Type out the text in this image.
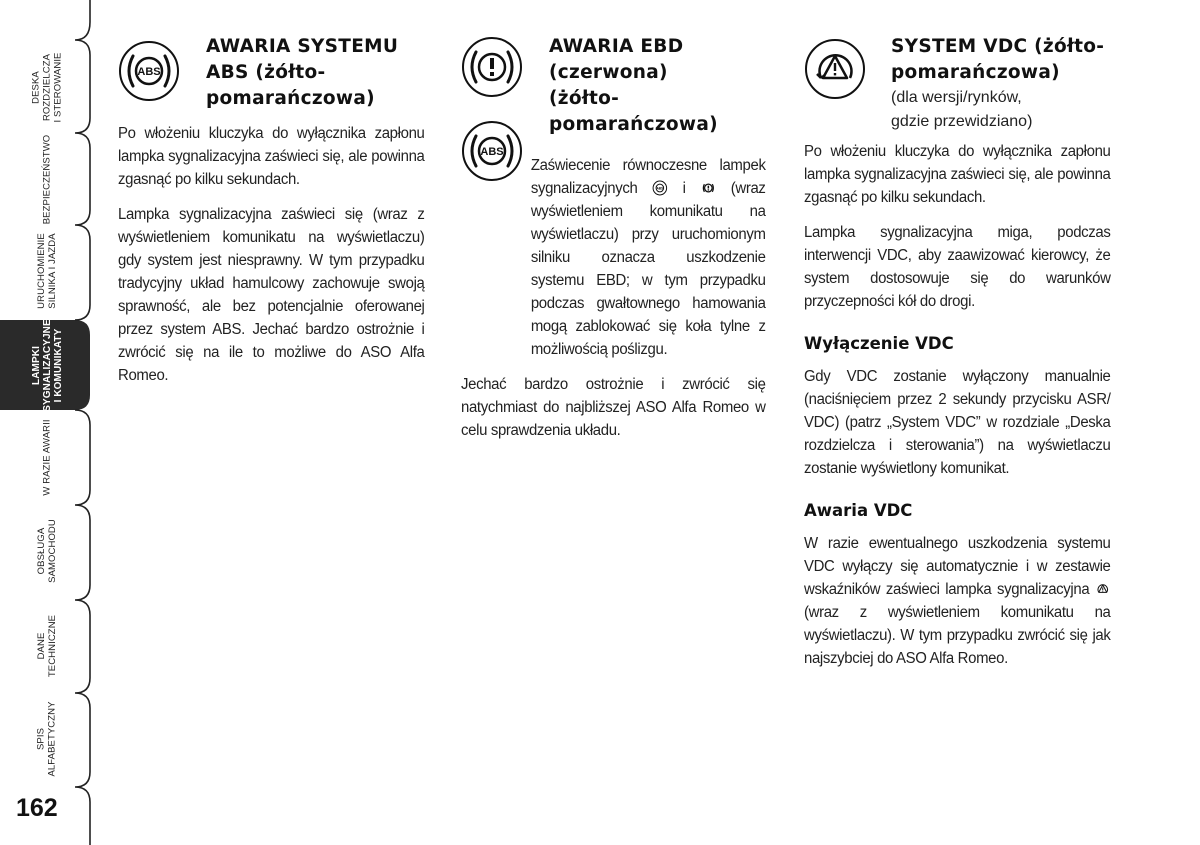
DESKA
ROZDZIELCZA
I STEROWANIE
BEZPIECZEŃSTWO
URUCHOMIENIE
SILNIKA I JAZDA
LAMPKI
SYGNALIZACYJNE
I KOMUNIKATY
W RAZIE AWARII
OBSŁUGA
SAMOCHODU
DANE
TECHNICZNE
SPIS
ALFABETYCZNY
162
ABS
AWARIA SYSTEMU
ABS (żółto-
pomarańczowa)

Po włożeniu kluczyka do wyłącznika zapłonu lampka sygnalizacyjna zaświeci się, ale powinna zgasnąć po kilku sekundach.

Lampka sygnalizacyjna zaświeci się (wraz z wyświetleniem komunikatu na wyświetlaczu) gdy system jest niesprawny. W tym przypadku tradycyjny układ hamulcowy zachowuje swoją sprawność, ale bez potencjalnie oferowanej przez system ABS. Jechać bardzo ostrożnie i zwrócić się na ile to możliwe do ASO Alfa Romeo.

ABS
AWARIA EBD
(czerwona)
(żółto-
pomarańczowa)

Zaświecenie równoczesne lampek sygnalizacyjnych ABS i	(wraz wyświetleniem komunikatu na wyświetlaczu) przy uruchomionym silniku oznacza uszkodzenie systemu EBD; w tym przypadku podczas gwałtownego hamowania mogą zablokować się koła tylne z możliwością poślizgu.

Jechać bardzo ostrożnie i zwrócić się natychmiast do najbliższej ASO Alfa Romeo w celu sprawdzenia układu.

SYSTEM VDC (żółto-
pomarańczowa)
(dla wersji/rynków,
gdzie przewidziano)

Po włożeniu kluczyka do wyłącznika zapłonu lampka sygnalizacyjna zaświeci się, ale powinna zgasnąć po kilku sekundach.

Lampka sygnalizacyjna miga, podczas interwencji VDC, aby zaawizować kierowcy, że system dostosowuje się do warunków przyczepności kół do drogi.

Wyłączenie VDC

Gdy VDC zostanie wyłączony manualnie (naciśnięciem przez 2 sekundy przycisku ASR/ VDC) (patrz „System VDC” w rozdziale „Deska rozdzielcza i sterowania”) na wyświetlaczu zostanie wyświetlony komunikat.

Awaria VDC

W razie ewentualnego uszkodzenia systemu VDC wyłączy się automatycznie i w zestawie wskaźników zaświeci lampka sygnalizacyjna  (wraz z wyświetleniem komunikatu na wyświetlaczu). W tym przypadku zwrócić się jak najszybciej do ASO Alfa Romeo.
